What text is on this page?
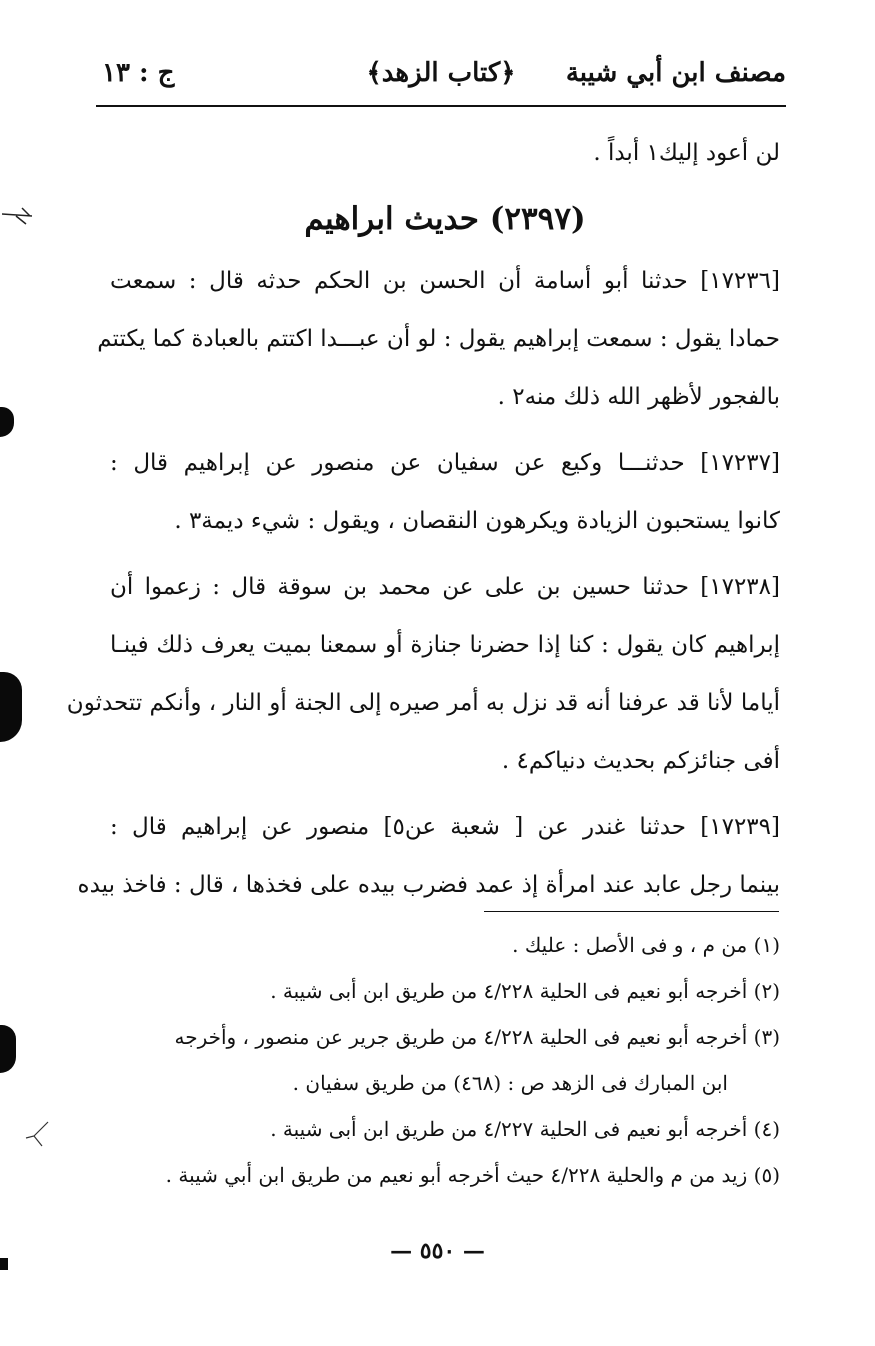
مصنف ابن أبي شيبة
﴿كتاب الزهد﴾
ج : ١٣
لن أعود إليك١ أبداً .
(٢٣٩٧) حديث ابراهيم
[١٧٢٣٦] حدثنا أبو أسامة أن الحسن بن الحكم حدثه قال : سمعت
حمادا يقول : سمعت إبراهيم يقول : لو أن عبـــدا اكتتم بالعبادة كما يكتتم
بالفجور لأظهر الله ذلك منه٢ .
[١٧٢٣٧] حدثنـــا وكيع عن سفيان عن منصور عن إبراهيم قال :
كانوا يستحبون الزيادة ويكرهون النقصان ، ويقول : شيء ديمة٣ .
[١٧٢٣٨] حدثنا حسين بن على عن محمد بن سوقة قال : زعموا أن
إبراهيم كان يقول : كنا إذا حضرنا جنازة أو سمعنا بميت يعرف ذلك فينـا
أياما لأنا قد عرفنا أنه قد نزل به أمر صيره إلى الجنة أو النار ، وأنكم تتحدثون
أفى جنائزكم بحديث دنياكم٤ .
[١٧٢٣٩] حدثنا غندر عن [ شعبة عن٥] منصور عن إبراهيم قال :
بينما رجل عابد عند امرأة إذ عمد فضرب بيده على فخذها ، قال : فاخذ بيده
(١) من م ، و فى الأصل : عليك .
(٢) أخرجه أبو نعيم فى الحلية ٤/٢٢٨ من طريق ابن أبى شيبة .
(٣) أخرجه أبو نعيم فى الحلية ٤/٢٢٨ من طريق جرير عن منصور ، وأخرجه
ابن المبارك فى الزهد ص : (٤٦٨) من طريق سفيان .
(٤) أخرجه أبو نعيم فى الحلية ٤/٢٢٧ من طريق ابن أبى شيبة .
(٥) زيد من م والحلية ٤/٢٢٨ حيث أخرجه أبو نعيم من طريق ابن أبي شيبة .
— ٥٥٠ —
